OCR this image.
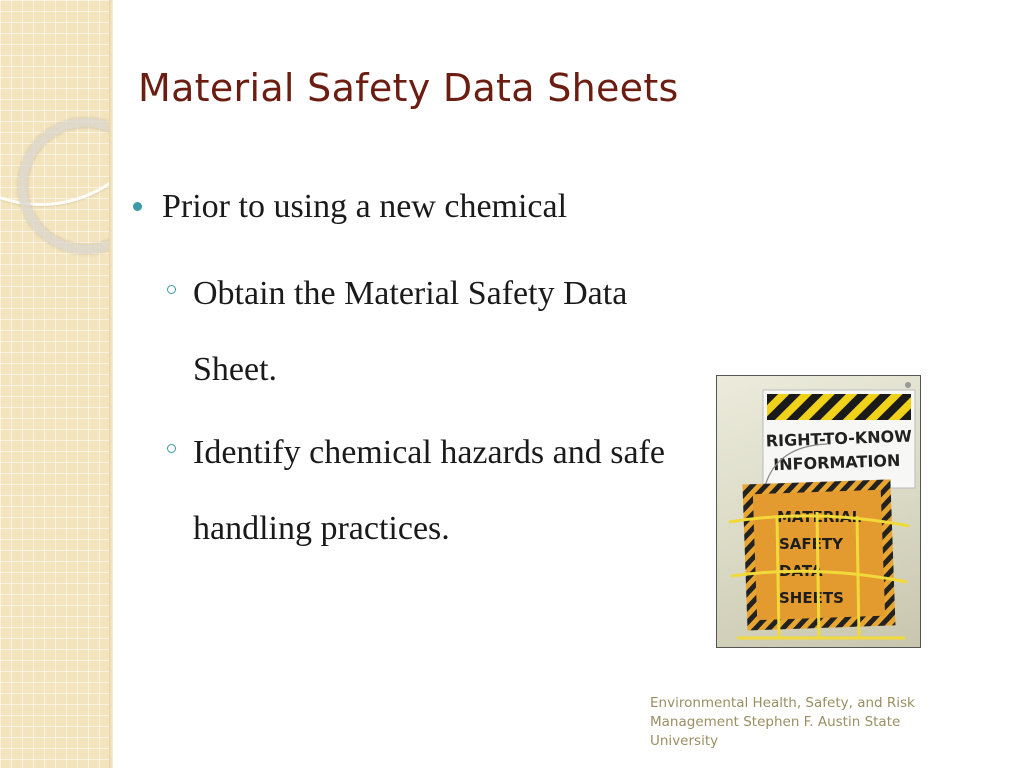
Material Safety Data Sheets
Prior to using a new chemical
Obtain the Material Safety Data Sheet.
Identify chemical hazards and safe handling practices.
RIGHT-TO-KNOW
INFORMATION
MATERIAL
SAFETY
DATA
SHEETS
Environmental Health, Safety, and Risk Management Stephen F. Austin State University
